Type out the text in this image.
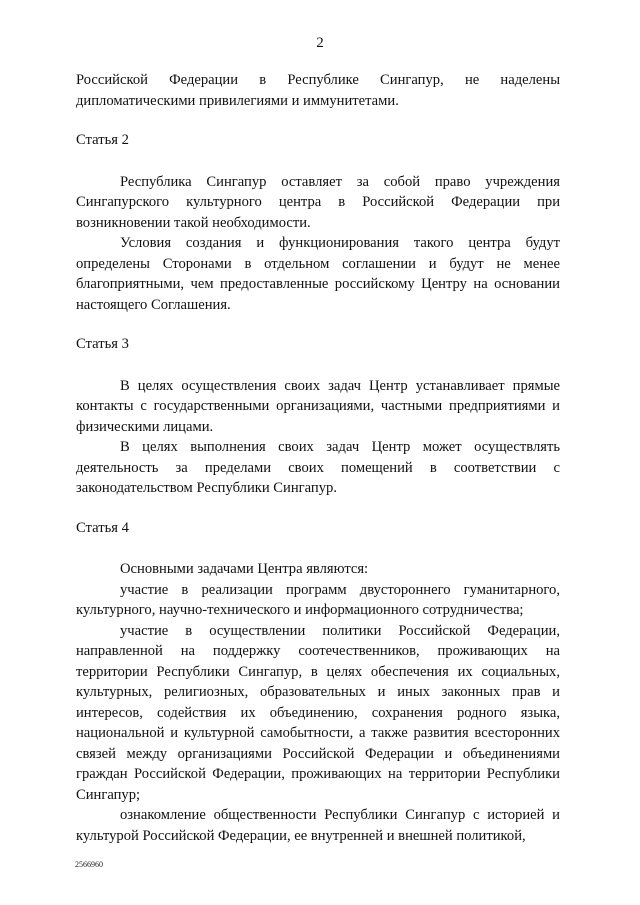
2

Российской Федерации в Республике Сингапур, не наделены дипломатическими привилегиями и иммунитетами.

Статья 2

Республика Сингапур оставляет за собой право учреждения Сингапурского культурного центра в Российской Федерации при возникновении такой необходимости.

Условия создания и функционирования такого центра будут определены Сторонами в отдельном соглашении и будут не менее благоприятными, чем предоставленные российскому Центру на основании настоящего Соглашения.

Статья 3

В целях осуществления своих задач Центр устанавливает прямые контакты с государственными организациями, частными предприятиями и физическими лицами.

В целях выполнения своих задач Центр может осуществлять деятельность за пределами своих помещений в соответствии с законодательством Республики Сингапур.

Статья 4

Основными задачами Центра являются:

участие в реализации программ двустороннего гуманитарного, культурного, научно-технического и информационного сотрудничества;

участие в осуществлении политики Российской Федерации, направленной на поддержку соотечественников, проживающих на территории Республики Сингапур, в целях обеспечения их социальных, культурных, религиозных, образовательных и иных законных прав и интересов, содействия их объединению, сохранения родного языка, национальной и культурной самобытности, а также развития всесторонних связей между организациями Российской Федерации и объединениями граждан Российской Федерации, проживающих на территории Республики Сингапур;

ознакомление общественности Республики Сингапур с историей и культурой Российской Федерации, ее внутренней и внешней политикой,

2566960
